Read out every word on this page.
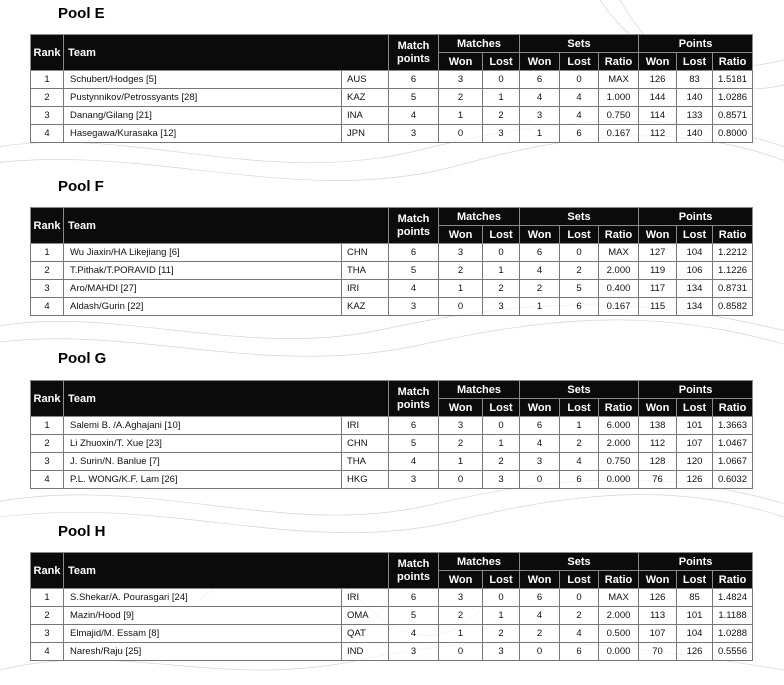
Pool E
Rank	Team		Match
points	Matches		Sets			Points	
				Won	Lost	Won	Lost	Ratio	Won	Lost	Ratio
1	Schubert/Hodges [5]	AUS	6	3	0	6	0	MAX	126	83	1.5181
2	Pustynnikov/Petrossyants [28]	KAZ	5	2	1	4	4	1.000	144	140	1.0286
3	Danang/Gilang [21]	INA	4	1	2	3	4	0.750	114	133	0.8571
4	Hasegawa/Kurasaka [12]	JPN	3	0	3	1	6	0.167	112	140	0.8000
Pool F
Rank	Team		Match
points	Matches		Sets			Points	
				Won	Lost	Won	Lost	Ratio	Won	Lost	Ratio
1	Wu Jiaxin/HA Likejiang [6]	CHN	6	3	0	6	0	MAX	127	104	1.2212
2	T.Pithak/T.PORAVID [11]	THA	5	2	1	4	2	2.000	119	106	1.1226
3	Aro/MAHDI [27]	IRI	4	1	2	2	5	0.400	117	134	0.8731
4	Aldash/Gurin [22]	KAZ	3	0	3	1	6	0.167	115	134	0.8582
Pool G
Rank	Team		Match
points	Matches		Sets			Points	
				Won	Lost	Won	Lost	Ratio	Won	Lost	Ratio
1	Salemi B. /A.Aghajani [10]	IRI	6	3	0	6	1	6.000	138	101	1.3663
2	Li Zhuoxin/T. Xue [23]	CHN	5	2	1	4	2	2.000	112	107	1.0467
3	J. Surin/N. Banlue [7]	THA	4	1	2	3	4	0.750	128	120	1.0667
4	P.L. WONG/K.F. Lam [26]	HKG	3	0	3	0	6	0.000	76	126	0.6032
Pool H
Rank	Team		Match
points	Matches		Sets			Points	
				Won	Lost	Won	Lost	Ratio	Won	Lost	Ratio
1	S.Shekar/A. Pourasgari [24]	IRI	6	3	0	6	0	MAX	126	85	1.4824
2	Mazin/Hood [9]	OMA	5	2	1	4	2	2.000	113	101	1.1188
3	Elmajid/M. Essam [8]	QAT	4	1	2	2	4	0.500	107	104	1.0288
4	Naresh/Raju [25]	IND	3	0	3	0	6	0.000	70	126	0.5556
